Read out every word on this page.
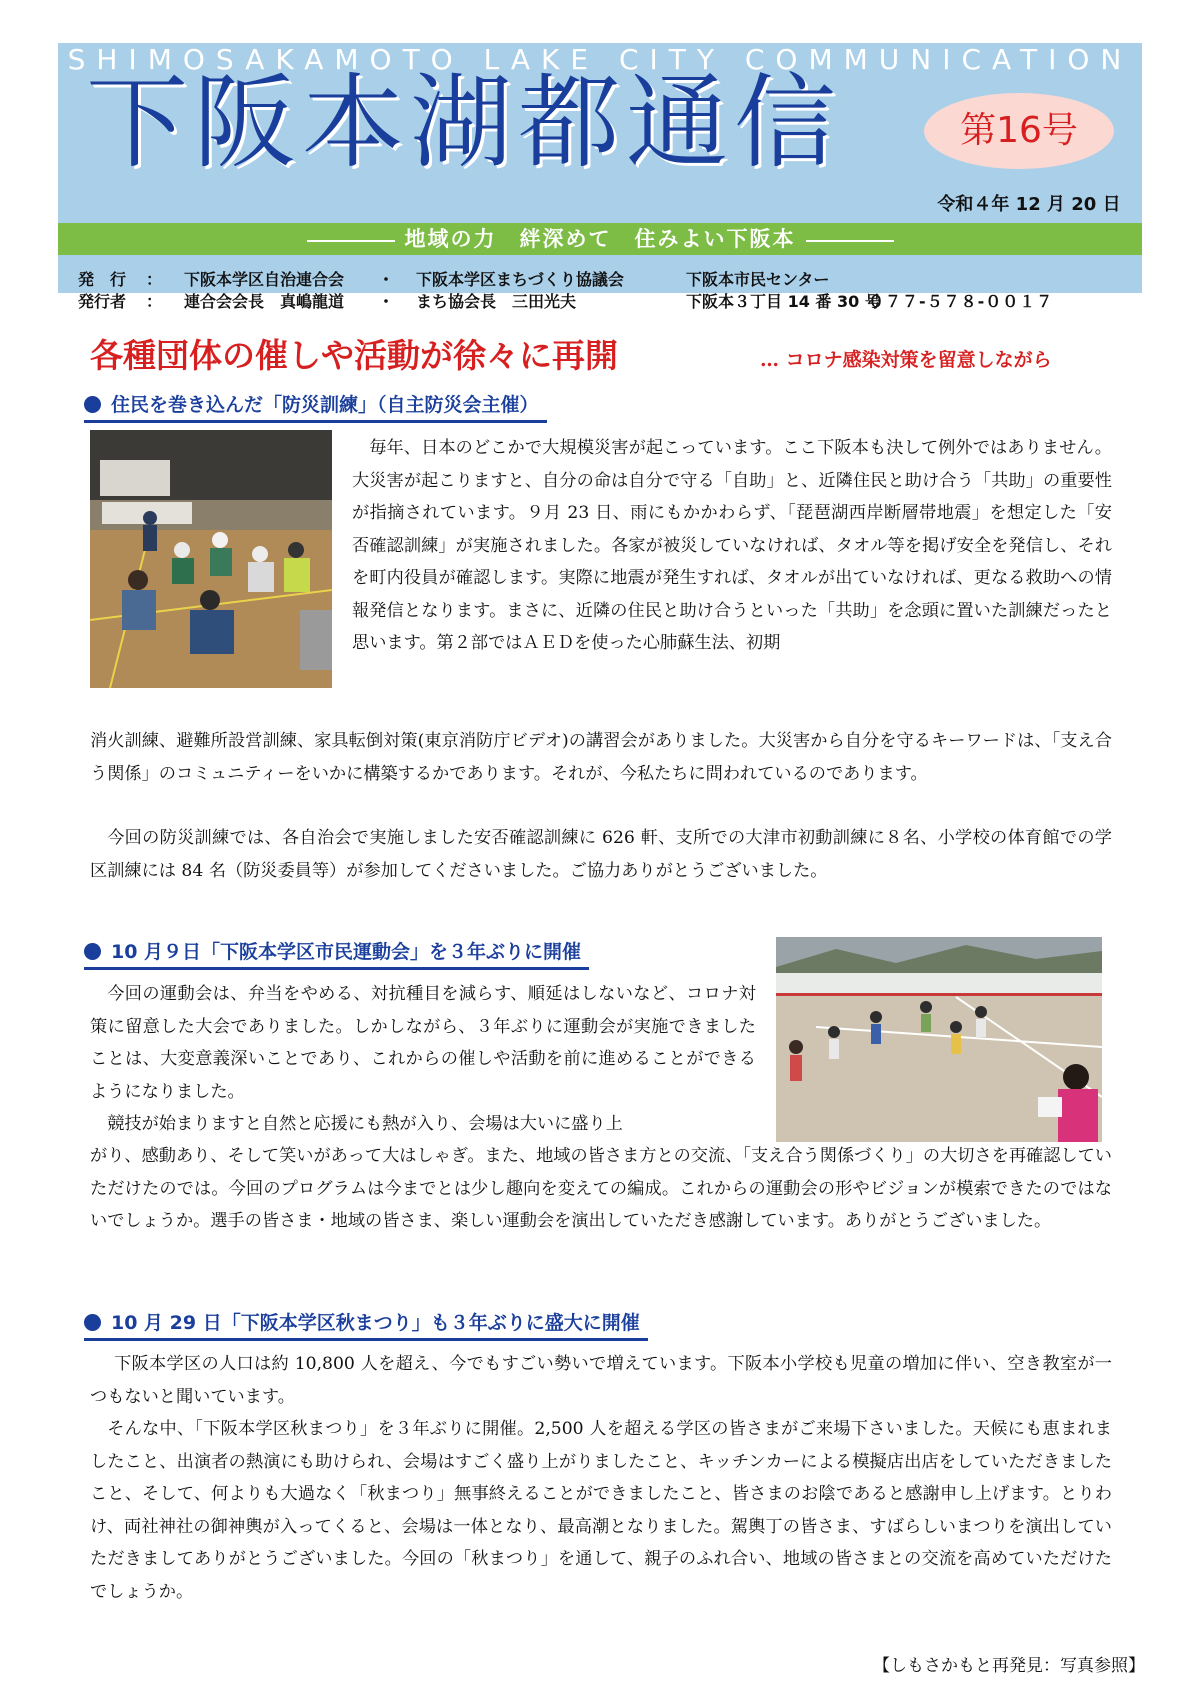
SHIMOSAKAMOTO LAKE CITY COMMUNICATION
下阪本湖都通信	第16号
令和４年 12 月 20 日
地域の力　絆深めて　住みよい下阪本
発　行 ： 下阪本学区自治連合会 ・ 下阪本学区まちづくり協議会	下阪本市民センター
発行者 ： 連合会会長　真嶋龍道 ・ まち協会長　三田光夫	下阪本３丁目 14 番 30 号
０７７-５７８-００１７
各種団体の催しや活動が徐々に再開	… コロナ感染対策を留意しながら
住民を巻き込んだ「防災訓練」（自主防災会主催）

毎年、日本のどこかで大規模災害が起こっています。ここ下阪本も決して例外ではありません。大災害が起こりますと、自分の命は自分で守る「自助」と、近隣住民と助け合う「共助」の重要性が指摘されています。９月 23 日、雨にもかかわらず、「琵琶湖西岸断層帯地震」を想定した「安否確認訓練」が実施されました。各家が被災していなければ、タオル等を掲げ安全を発信し、それを町内役員が確認します。実際に地震が発生すれば、タオルが出ていなければ、更なる救助への情報発信となります。まさに、近隣の住民と助け合うといった「共助」を念頭に置いた訓練だったと思います。第２部ではＡＥＤを使った心肺蘇生法、初期

消火訓練、避難所設営訓練、家具転倒対策(東京消防庁ビデオ)の講習会がありました。大災害から自分を守るキーワードは、「支え合う関係」のコミュニティーをいかに構築するかであります。それが、今私たちに問われているのであります。

今回の防災訓練では、各自治会で実施しました安否確認訓練に 626 軒、支所での大津市初動訓練に８名、小学校の体育館での学区訓練には 84 名（防災委員等）が参加してくださいました。ご協力ありがとうございました。

10 月９日「下阪本学区市民運動会」を３年ぶりに開催

今回の運動会は、弁当をやめる、対抗種目を減らす、順延はしないなど、コロナ対策に留意した大会でありました。しかしながら、３年ぶりに運動会が実施できましたことは、大変意義深いことであり、これからの催しや活動を前に進めることができるようになりました。

競技が始まりますと自然と応援にも熱が入り、会場は大いに盛り上

がり、感動あり、そして笑いがあって大はしゃぎ。また、地域の皆さま方との交流、「支え合う関係づくり」の大切さを再確認していただけたのでは。今回のプログラムは今までとは少し趣向を変えての編成。これからの運動会の形やビジョンが模索できたのではないでしょうか。選手の皆さま・地域の皆さま、楽しい運動会を演出していただき感謝しています。ありがとうございました。

10 月 29 日「下阪本学区秋まつり」も３年ぶりに盛大に開催

下阪本学区の人口は約 10,800 人を超え、今でもすごい勢いで増えています。下阪本小学校も児童の増加に伴い、空き教室が一つもないと聞いています。

そんな中、「下阪本学区秋まつり」を３年ぶりに開催。2,500 人を超える学区の皆さまがご来場下さいました。天候にも恵まれましたこと、出演者の熱演にも助けられ、会場はすごく盛り上がりましたこと、キッチンカーによる模擬店出店をしていただきましたこと、そして、何よりも大過なく「秋まつり」無事終えることができましたこと、皆さまのお陰であると感謝申し上げます。とりわけ、両社神社の御神輿が入ってくると、会場は一体となり、最高潮となりました。駕輿丁の皆さま、すばらしいまつりを演出していただきましてありがとうございました。今回の「秋まつり」を通して、親子のふれ合い、地域の皆さまとの交流を高めていただけたでしょうか。

【しもさかもと再発見：写真参照】
